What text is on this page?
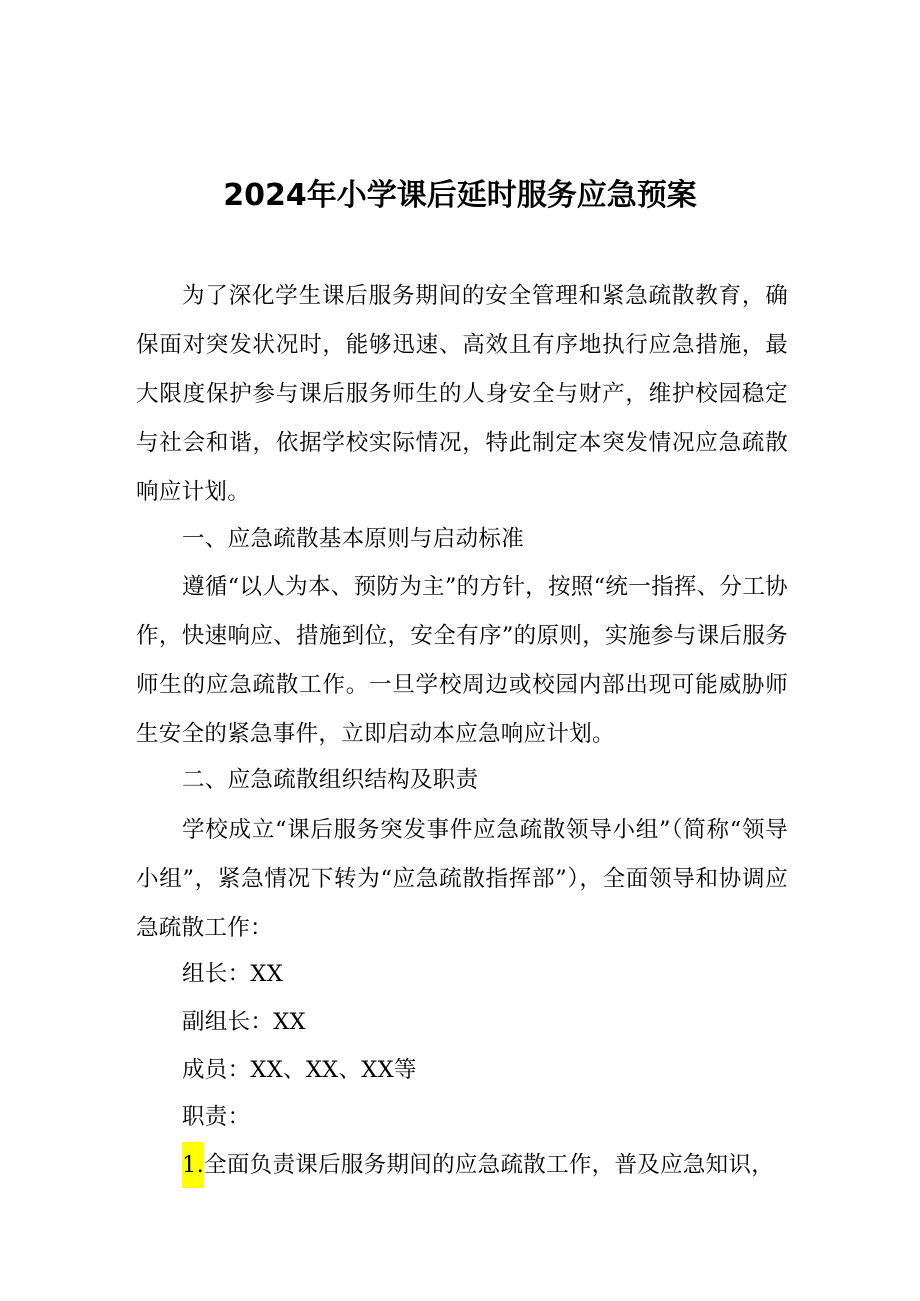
2024年小学课后延时服务应急预案

为了深化学生课后服务期间的安全管理和紧急疏散教育，确保面对突发状况时，能够迅速、高效且有序地执行应急措施，最大限度保护参与课后服务师生的人身安全与财产，维护校园稳定与社会和谐，依据学校实际情况，特此制定本突发情况应急疏散响应计划。

一、应急疏散基本原则与启动标准

遵循“以人为本、预防为主”的方针，按照“统一指挥、分工协作，快速响应、措施到位，安全有序”的原则，实施参与课后服务师生的应急疏散工作。一旦学校周边或校园内部出现可能威胁师生安全的紧急事件，立即启动本应急响应计划。

二、应急疏散组织结构及职责

学校成立“课后服务突发事件应急疏散领导小组”（简称“领导小组”，紧急情况下转为“应急疏散指挥部”），全面领导和协调应急疏散工作：

组长：XX

副组长：XX

成员：XX、XX、XX等

职责：

1.全面负责课后服务期间的应急疏散工作，普及应急知识，
